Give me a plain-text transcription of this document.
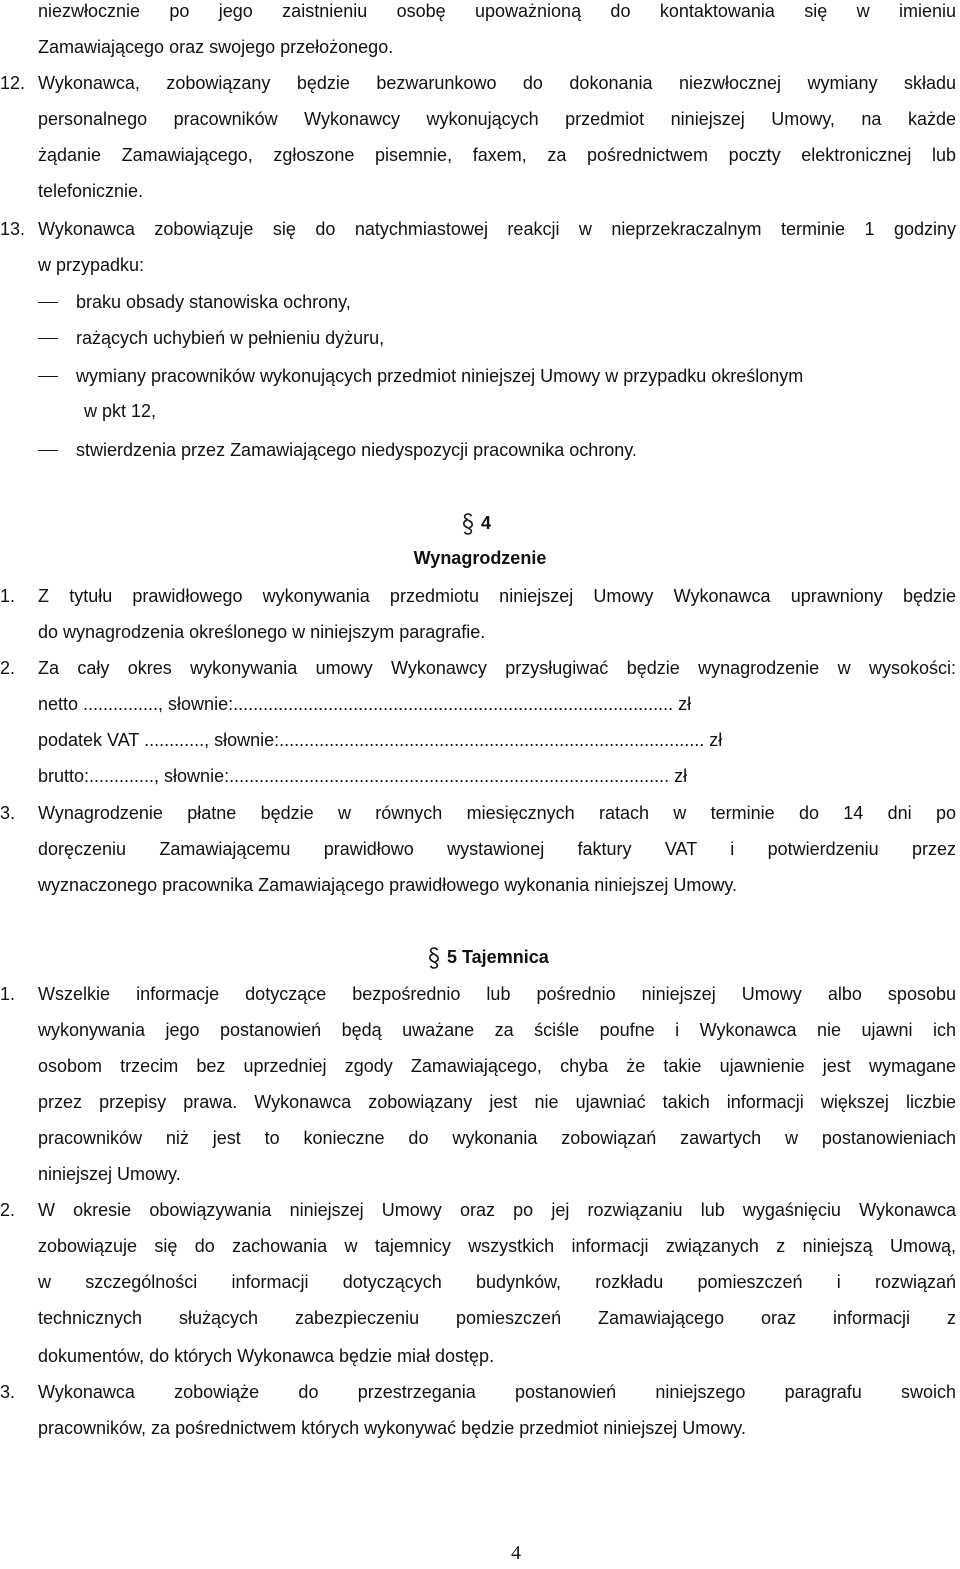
niezwłocznie po jego zaistnieniu osobę upoważnioną do kontaktowania się w imieniu
Zamawiającego oraz swojego przełożonego.
12. Wykonawca, zobowiązany będzie bezwarunkowo do dokonania niezwłocznej wymiany składu
personalnego pracowników Wykonawcy wykonujących przedmiot niniejszej Umowy, na każde
żądanie Zamawiającego, zgłoszone pisemnie, faxem, za pośrednictwem poczty elektronicznej lub
telefonicznie.
13. Wykonawca zobowiązuje się do natychmiastowej reakcji w nieprzekraczalnym terminie 1 godziny
w przypadku:
braku obsady stanowiska ochrony,
rażących uchybień w pełnieniu dyżuru,
wymiany pracowników wykonujących przedmiot niniejszej Umowy w przypadku określonym
w pkt 12,
stwierdzenia przez Zamawiającego niedyspozycji pracownika ochrony.
4
Wynagrodzenie
1. Z tytułu prawidłowego wykonywania przedmiotu niniejszej Umowy Wykonawca uprawniony będzie
do wynagrodzenia określonego w niniejszym paragrafie.
2. Za cały okres wykonywania umowy Wykonawcy przysługiwać będzie wynagrodzenie w wysokości:
netto ..............., słownie:........................................................................................ zł
podatek VAT ............, słownie:..................................................................................... zł
brutto:............., słownie:........................................................................................ zł
3. Wynagrodzenie płatne będzie w równych miesięcznych ratach w terminie do 14 dni po
doręczeniu Zamawiającemu prawidłowo wystawionej faktury VAT i potwierdzeniu przez
wyznaczonego pracownika Zamawiającego prawidłowego wykonania niniejszej Umowy.
5 Tajemnica
1. Wszelkie informacje dotyczące bezpośrednio lub pośrednio niniejszej Umowy albo sposobu
wykonywania jego postanowień będą uważane za ściśle poufne i Wykonawca nie ujawni ich
osobom trzecim bez uprzedniej zgody Zamawiającego, chyba że takie ujawnienie jest wymagane
przez przepisy prawa. Wykonawca zobowiązany jest nie ujawniać takich informacji większej liczbie
pracowników niż jest to konieczne do wykonania zobowiązań zawartych w postanowieniach
niniejszej Umowy.
2. W okresie obowiązywania niniejszej Umowy oraz po jej rozwiązaniu lub wygaśnięciu Wykonawca
zobowiązuje się do zachowania w tajemnicy wszystkich informacji związanych z niniejszą Umową,
w szczególności informacji dotyczących budynków, rozkładu pomieszczeń i rozwiązań
technicznych służących zabezpieczeniu pomieszczeń Zamawiającego oraz informacji z
dokumentów, do których Wykonawca będzie miał dostęp.
3. Wykonawca zobowiąże do przestrzegania postanowień niniejszego paragrafu swoich
pracowników, za pośrednictwem których wykonywać będzie przedmiot niniejszej Umowy.
4
